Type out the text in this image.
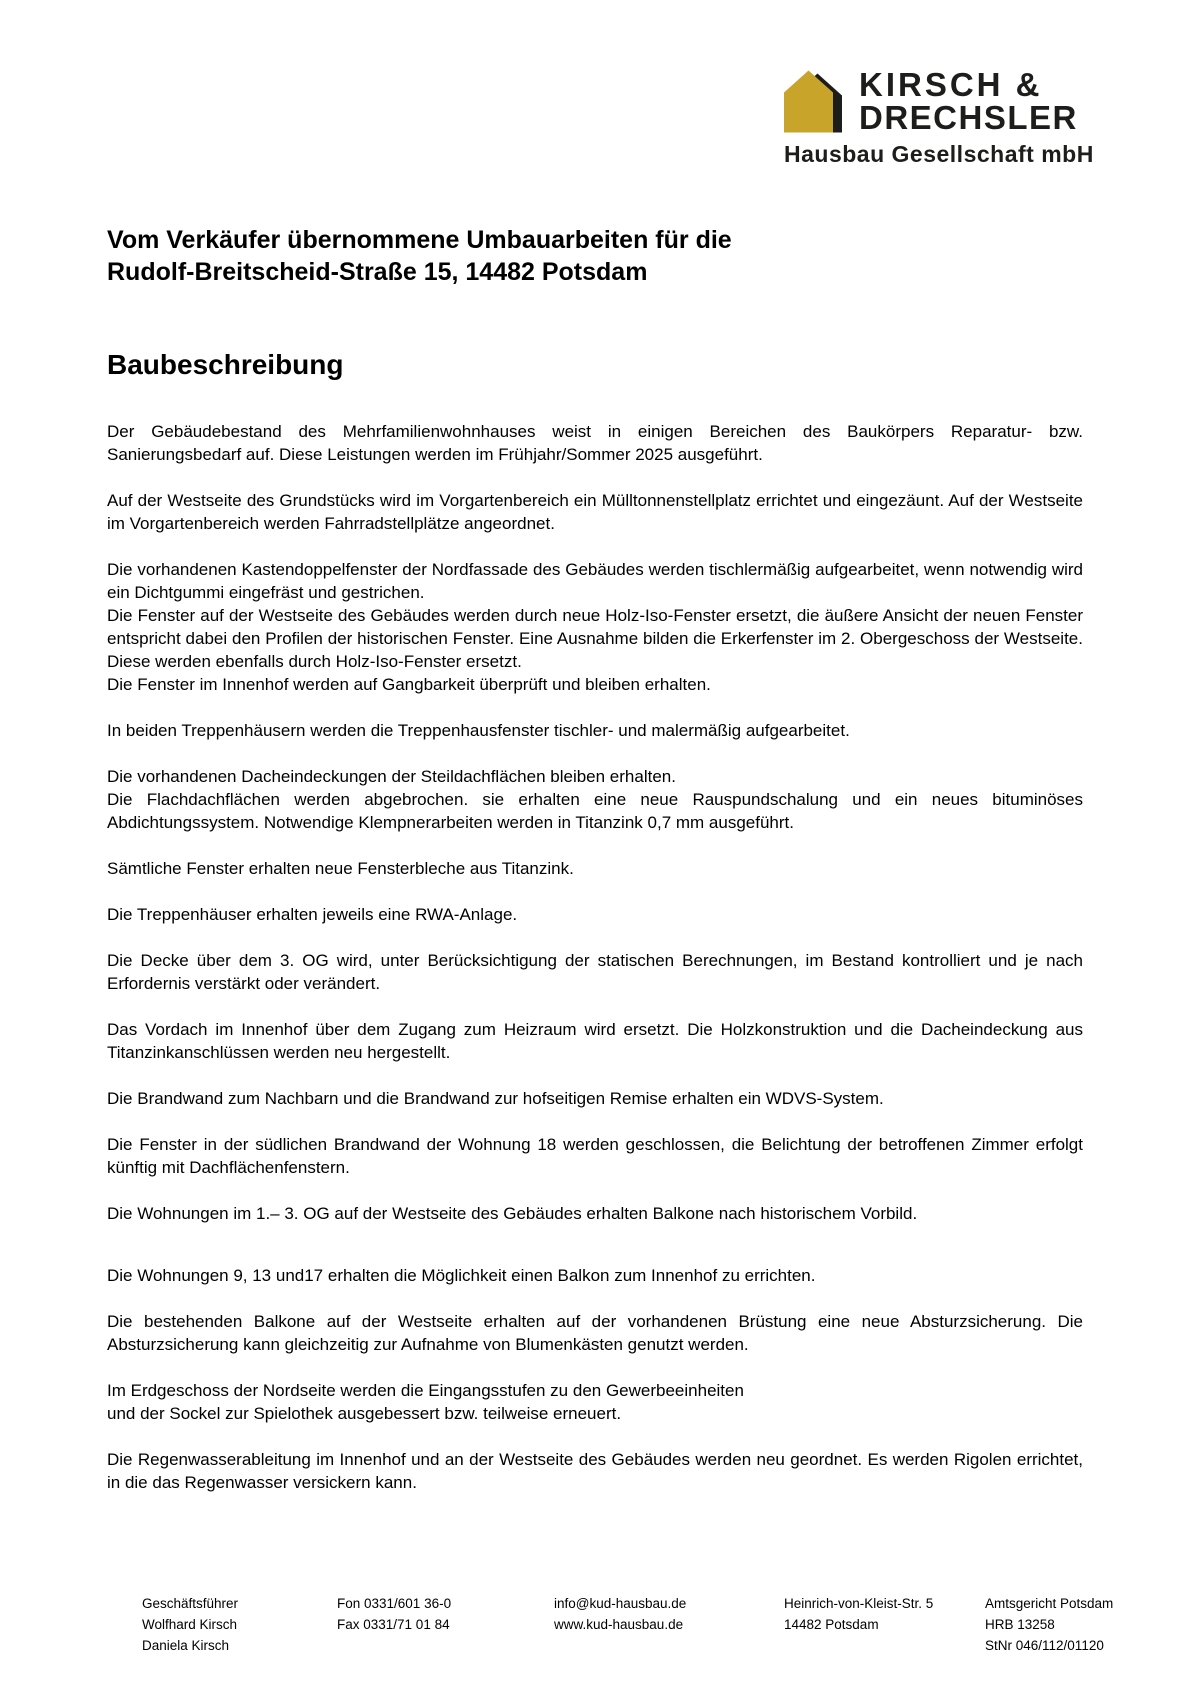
KIRSCH &
DRECHSLER
Hausbau Gesellschaft mbH
Vom Verkäufer übernommene Umbauarbeiten für die
Rudolf-Breitscheid-Straße 15, 14482 Potsdam
Baubeschreibung
Der Gebäudebestand des Mehrfamilienwohnhauses weist in einigen Bereichen des Baukörpers Reparatur- bzw. Sanierungsbedarf auf. Diese Leistungen werden im Frühjahr/Sommer 2025 ausgeführt.
Auf der Westseite des Grundstücks wird im Vorgartenbereich ein Mülltonnenstellplatz errichtet und eingezäunt. Auf der Westseite im Vorgartenbereich werden Fahrradstellplätze angeordnet.
Die vorhandenen Kastendoppelfenster der Nordfassade des Gebäudes werden tischlermäßig aufgearbeitet, wenn notwendig wird ein Dichtgummi eingefräst und gestrichen.
Die Fenster auf der Westseite des Gebäudes werden durch neue Holz-Iso-Fenster ersetzt, die äußere Ansicht der neuen Fenster entspricht dabei den Profilen der historischen Fenster. Eine Ausnahme bilden die Erkerfenster im 2. Obergeschoss der Westseite. Diese werden ebenfalls durch Holz-Iso-Fenster ersetzt.
Die Fenster im Innenhof werden auf Gangbarkeit überprüft und bleiben erhalten.
In beiden Treppenhäusern werden die Treppenhausfenster tischler- und malermäßig aufgearbeitet.
Die vorhandenen Dacheindeckungen der Steildachflächen bleiben erhalten.
Die Flachdachflächen werden abgebrochen. sie erhalten eine neue Rauspundschalung und ein neues bituminöses Abdichtungssystem. Notwendige Klempnerarbeiten werden in Titanzink 0,7 mm ausgeführt.
Sämtliche Fenster erhalten neue Fensterbleche aus Titanzink.
Die Treppenhäuser erhalten jeweils eine RWA-Anlage.
Die Decke über dem 3. OG wird, unter Berücksichtigung der statischen Berechnungen, im Bestand kontrolliert und je nach Erfordernis verstärkt oder verändert.
Das Vordach im Innenhof über dem Zugang zum Heizraum wird ersetzt. Die Holzkonstruktion und die Dacheindeckung aus Titanzinkanschlüssen werden neu hergestellt.
Die Brandwand zum Nachbarn und die Brandwand zur hofseitigen Remise erhalten ein WDVS-System.
Die Fenster in der südlichen Brandwand der Wohnung 18 werden geschlossen, die Belichtung der betroffenen Zimmer erfolgt künftig mit Dachflächenfenstern.
Die Wohnungen im 1.– 3. OG auf der Westseite des Gebäudes erhalten Balkone nach historischem Vorbild.
Die Wohnungen 9, 13 und17 erhalten die Möglichkeit einen Balkon zum Innenhof zu errichten.
Die bestehenden Balkone auf der Westseite erhalten auf der vorhandenen Brüstung eine neue Absturzsicherung. Die Absturzsicherung kann gleichzeitig zur Aufnahme von Blumenkästen genutzt werden.
Im Erdgeschoss der Nordseite werden die Eingangsstufen zu den Gewerbeeinheiten
und der Sockel zur Spielothek ausgebessert bzw. teilweise erneuert.
Die Regenwasserableitung im Innenhof und an der Westseite des Gebäudes werden neu geordnet. Es werden Rigolen errichtet, in die das Regenwasser versickern kann.
Geschäftsführer
Wolfhard Kirsch
Daniela Kirsch
Fon 0331/601 36-0
Fax 0331/71 01 84
info@kud-hausbau.de
www.kud-hausbau.de
Heinrich-von-Kleist-Str. 5
14482 Potsdam
Amtsgericht Potsdam
HRB 13258
StNr 046/112/01120
